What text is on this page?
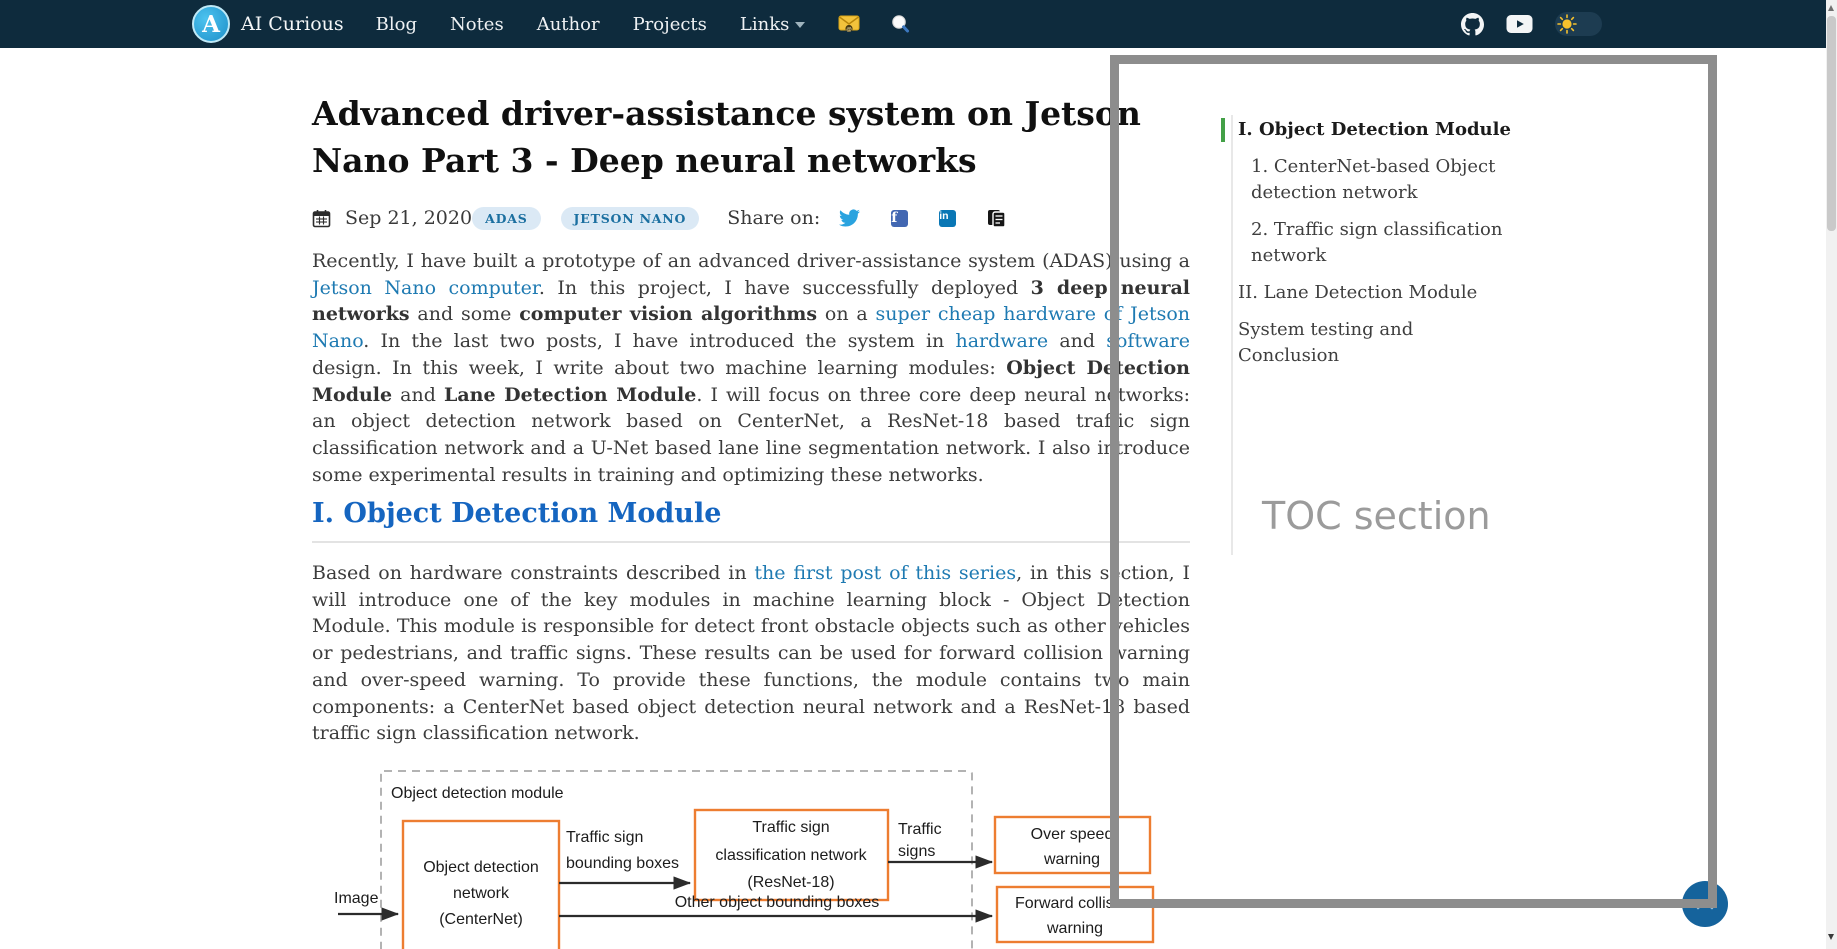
A	AI Curious Blog Notes Author Projects Links	@
Advanced driver-assistance system on Jetson Nano Part 3 - Deep neural networks
Sep 21, 2020	ADAS	JETSON NANO	Share on:	f	in

Recently, I have built a prototype of an advanced driver-assistance system (ADAS) using a Jetson Nano computer. In this project, I have successfully deployed 3 deep neural networks and some computer vision algorithms on a super cheap hardware of Jetson Nano. In the last two posts, I have introduced the system in hardware and software design. In this week, I write about two machine learning modules: Object Detection Module and Lane Detection Module. I will focus on three core deep neural networks: an object detection network based on CenterNet, a ResNet-18 based traffic sign classification network and a U-Net based lane line segmentation network. I also introduce some experimental results in training and optimizing these networks.

I. Object Detection Module

Based on hardware constraints described in the first post of this series, in this section, I will introduce one of the key modules in machine learning block - Object Detection Module. This module is responsible for detect front obstacle objects such as other vehicles or pedestrians, and traffic signs. These results can be used for forward collision warning and over-speed warning. To provide these functions, the module contains two main components: a CenterNet based object detection neural network and a ResNet-18 based traffic sign classification network.

Object detection module
Image
Object detection
network
(CenterNet)
Traffic sign
bounding boxes
Traffic sign
classification network
(ResNet-18)
Traffic
signs
Over speed
warning
Other object bounding boxes	Forward collision
warning
I. Object Detection Module
1. CenterNet-based Object detection network
2. Traffic sign classification network
II. Lane Detection Module
System testing and Conclusion
TOC section
